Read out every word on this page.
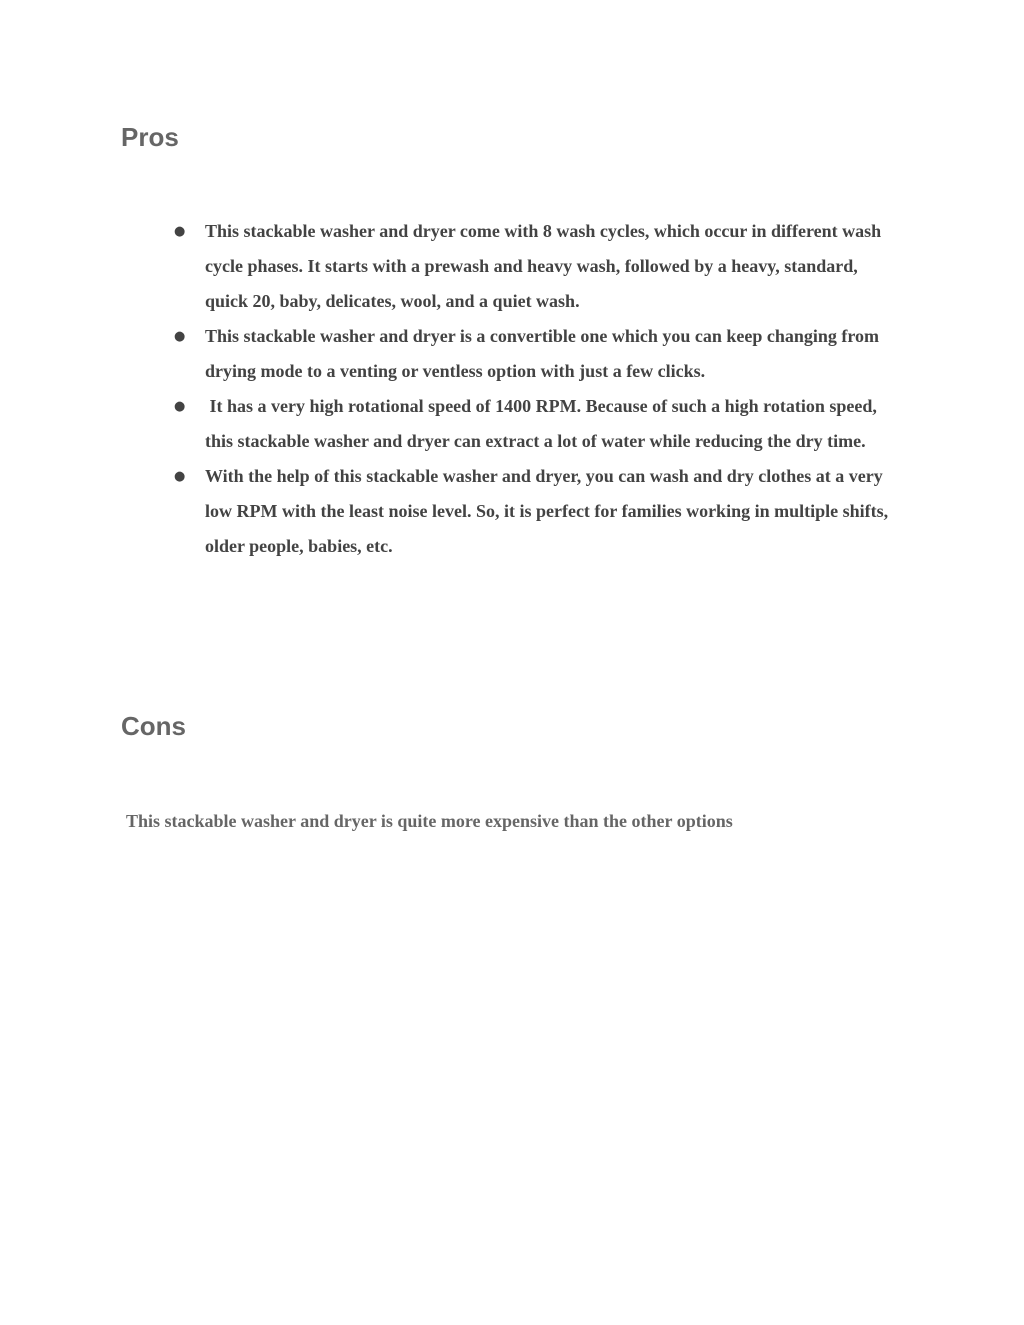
Pros
● This stackable washer and dryer come with 8 wash cycles, which occur in different wash cycle phases. It starts with a prewash and heavy wash, followed by a heavy, standard, quick 20, baby, delicates, wool, and a quiet wash.
● This stackable washer and dryer is a convertible one which you can keep changing from drying mode to a venting or ventless option with just a few clicks.
● It has a very high rotational speed of 1400 RPM. Because of such a high rotation speed, this stackable washer and dryer can extract a lot of water while reducing the dry time.
● With the help of this stackable washer and dryer, you can wash and dry clothes at a very low RPM with the least noise level. So, it is perfect for families working in multiple shifts, older people, babies, etc.
Cons

This stackable washer and dryer is quite more expensive than the other options
